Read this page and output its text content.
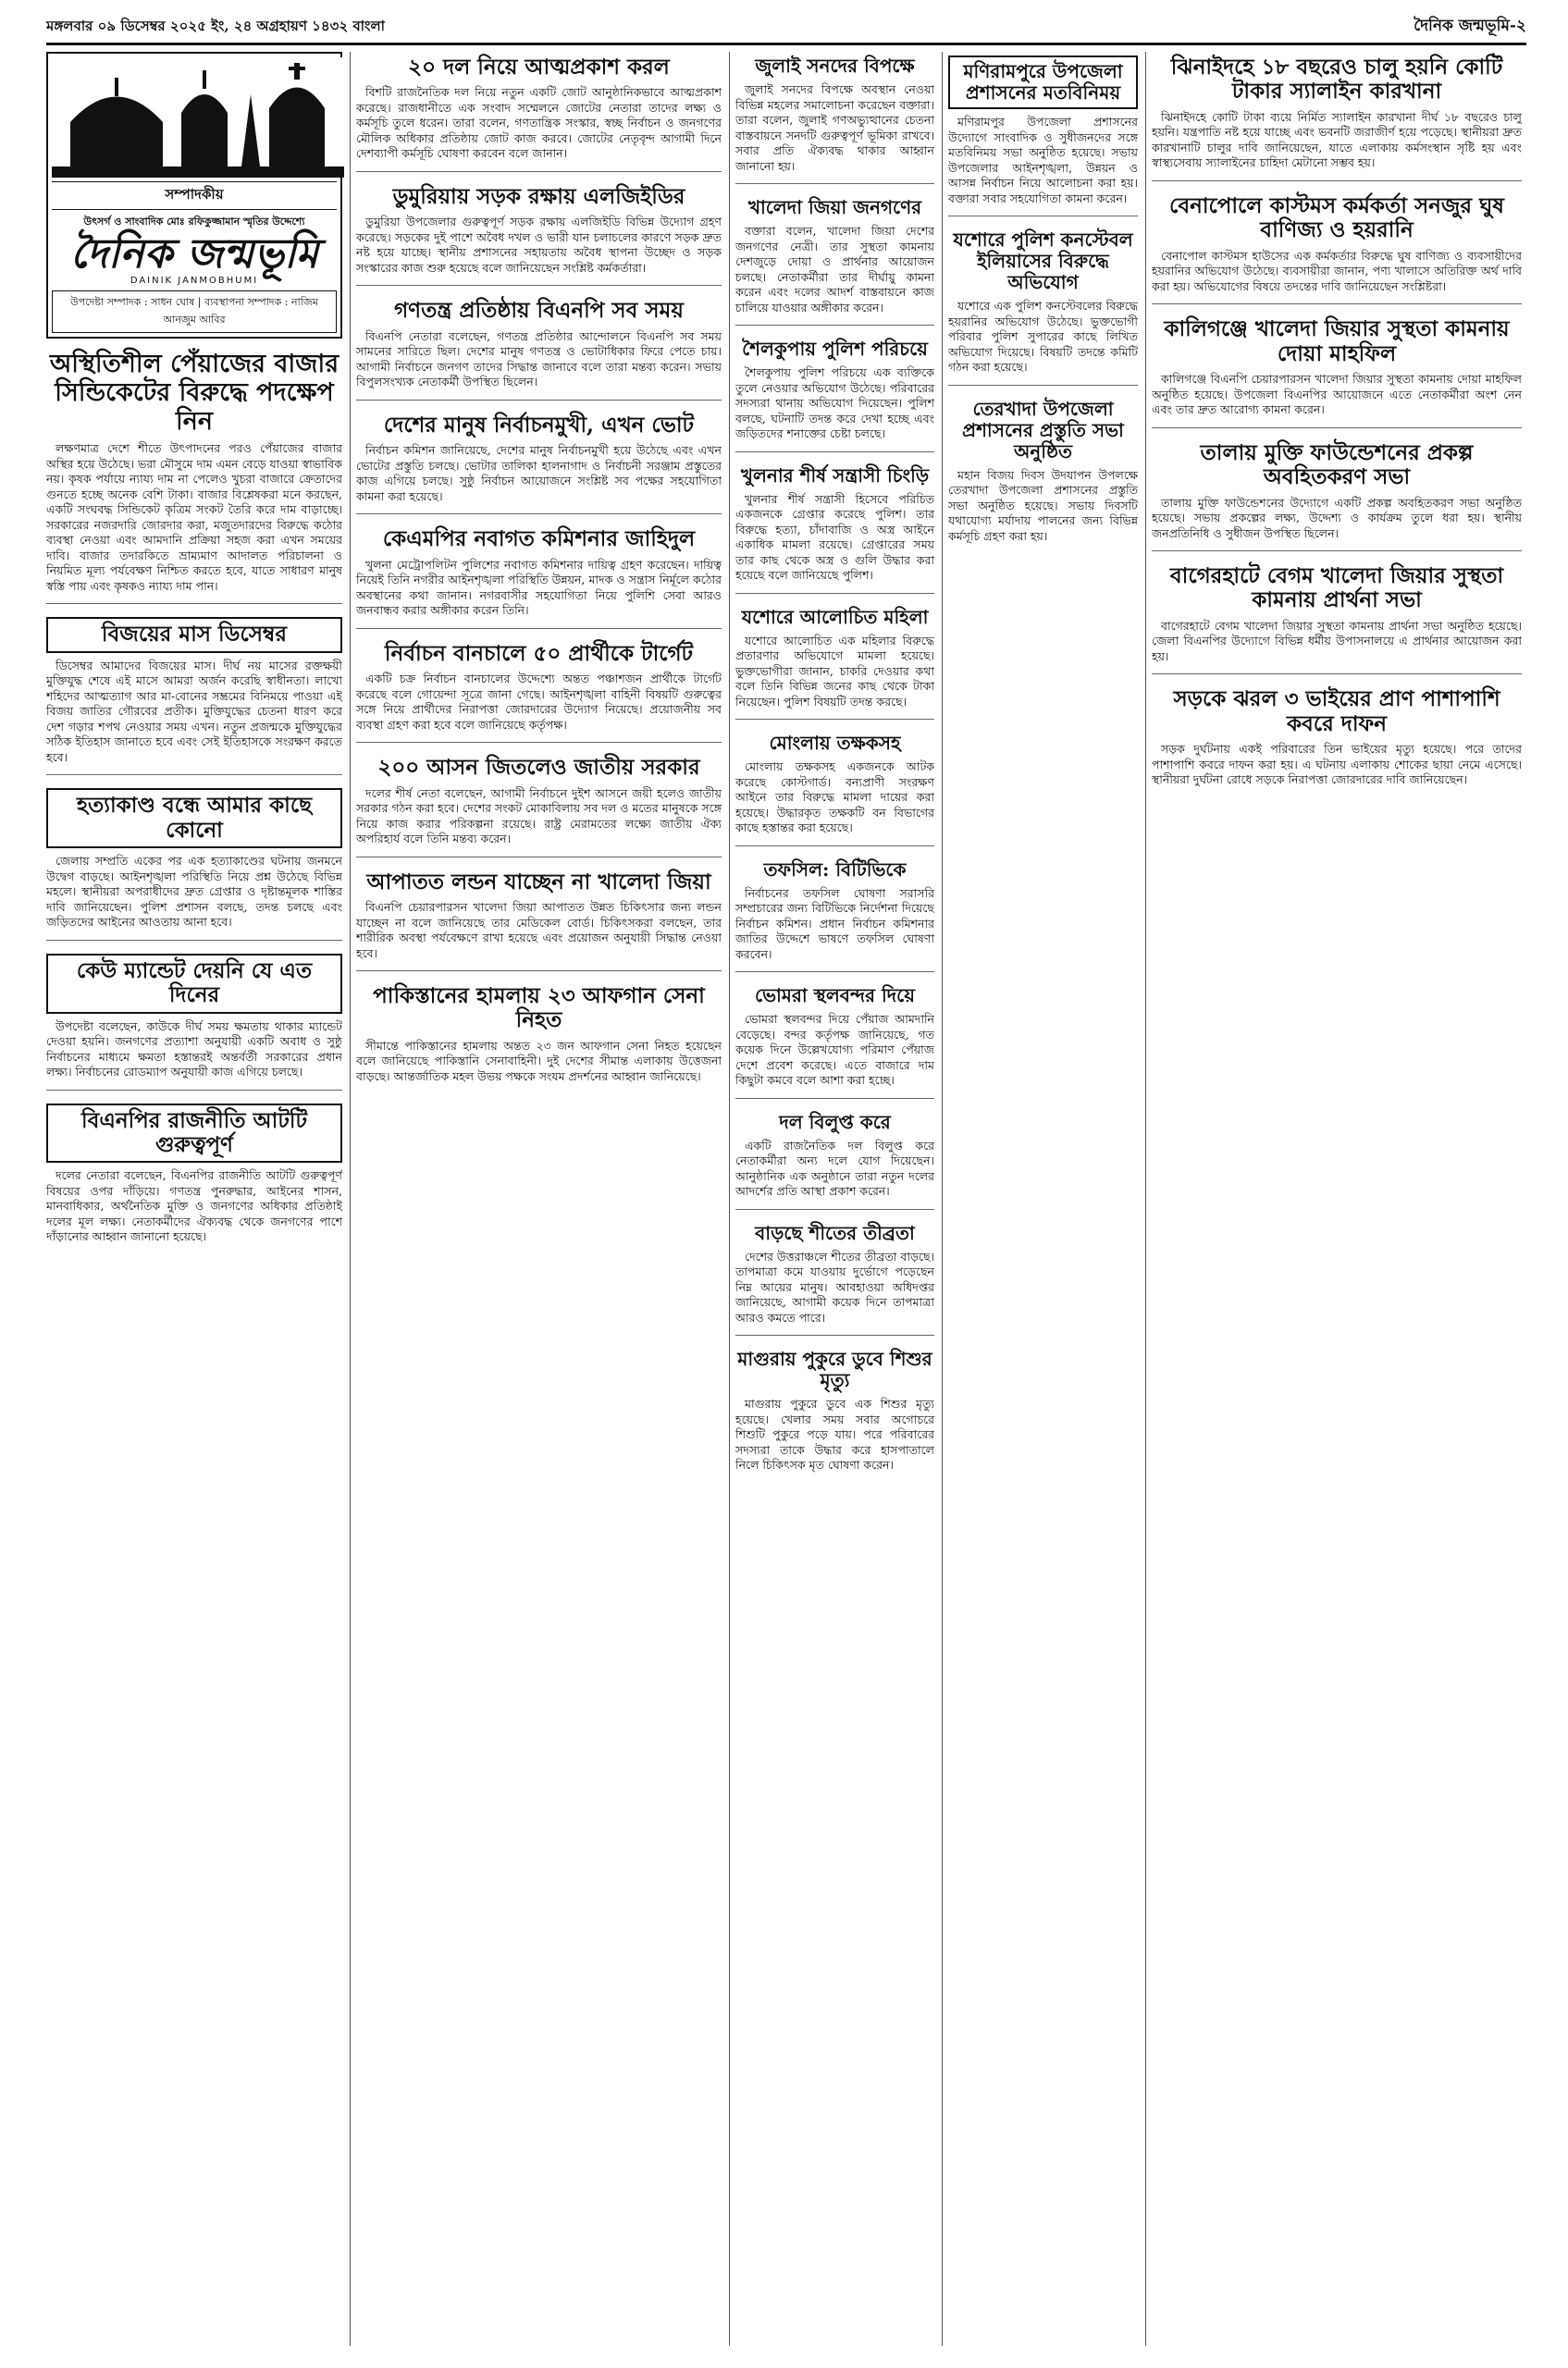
মঙ্গলবার ০৯ ডিসেম্বর ২০২৫ ইং, ২৪ অগ্রহায়ণ ১৪৩২ বাংলা	দৈনিক জন্মভূমি-২
সম্পাদকীয়
উৎসর্গ ও সাংবাদিক মোঃ রফিকুজ্জামান স্মৃতির উদ্দেশ্যে
দৈনিক জন্মভূমি
DAINIK JANMOBHUMI
উপদেষ্টা সম্পাদক : সাধন ঘোষ | ব্যবস্থাপনা সম্পাদক : নাজিম আনজুম আবির
অস্থিতিশীল পেঁয়াজের বাজার সিন্ডিকেটের বিরুদ্ধে পদক্ষেপ নিন

লক্ষণমাত্র দেশে শীতে উৎপাদনের পরও পেঁয়াজের বাজার অস্থির হয়ে উঠেছে। ভরা মৌসুমে দাম এমন বেড়ে যাওয়া স্বাভাবিক নয়। কৃষক পর্যায়ে ন্যায্য দাম না পেলেও খুচরা বাজারে ক্রেতাদের গুনতে হচ্ছে অনেক বেশি টাকা। বাজার বিশ্লেষকরা মনে করছেন, একটি সংঘবদ্ধ সিন্ডিকেট কৃত্রিম সংকট তৈরি করে দাম বাড়াচ্ছে। সরকারের নজরদারি জোরদার করা, মজুতদারদের বিরুদ্ধে কঠোর ব্যবস্থা নেওয়া এবং আমদানি প্রক্রিয়া সহজ করা এখন সময়ের দাবি। বাজার তদারকিতে ভ্রাম্যমাণ আদালত পরিচালনা ও নিয়মিত মূল্য পর্যবেক্ষণ নিশ্চিত করতে হবে, যাতে সাধারণ মানুষ স্বস্তি পায় এবং কৃষকও ন্যায্য দাম পান।

বিজয়ের মাস ডিসেম্বর

ডিসেম্বর আমাদের বিজয়ের মাস। দীর্ঘ নয় মাসের রক্তক্ষয়ী মুক্তিযুদ্ধ শেষে এই মাসে আমরা অর্জন করেছি স্বাধীনতা। লাখো শহিদের আত্মত্যাগ আর মা-বোনের সম্ভ্রমের বিনিময়ে পাওয়া এই বিজয় জাতির গৌরবের প্রতীক। মুক্তিযুদ্ধের চেতনা ধারণ করে দেশ গড়ার শপথ নেওয়ার সময় এখন। নতুন প্রজন্মকে মুক্তিযুদ্ধের সঠিক ইতিহাস জানাতে হবে এবং সেই ইতিহাসকে সংরক্ষণ করতে হবে।

হত্যাকাণ্ড বন্ধে আমার কাছে কোনো

জেলায় সম্প্রতি একের পর এক হত্যাকাণ্ডের ঘটনায় জনমনে উদ্বেগ বাড়ছে। আইনশৃঙ্খলা পরিস্থিতি নিয়ে প্রশ্ন উঠেছে বিভিন্ন মহলে। স্থানীয়রা অপরাধীদের দ্রুত গ্রেপ্তার ও দৃষ্টান্তমূলক শাস্তির দাবি জানিয়েছেন। পুলিশ প্রশাসন বলছে, তদন্ত চলছে এবং জড়িতদের আইনের আওতায় আনা হবে।

কেউ ম্যান্ডেট দেয়নি যে এত দিনের

উপদেষ্টা বলেছেন, কাউকে দীর্ঘ সময় ক্ষমতায় থাকার ম্যান্ডেট দেওয়া হয়নি। জনগণের প্রত্যাশা অনুযায়ী একটি অবাধ ও সুষ্ঠু নির্বাচনের মাধ্যমে ক্ষমতা হস্তান্তরই অন্তর্বর্তী সরকারের প্রধান লক্ষ্য। নির্বাচনের রোডম্যাপ অনুযায়ী কাজ এগিয়ে চলছে।

বিএনপির রাজনীতি আটটি গুরুত্বপূর্ণ

দলের নেতারা বলেছেন, বিএনপির রাজনীতি আটটি গুরুত্বপূর্ণ বিষয়ের ওপর দাঁড়িয়ে। গণতন্ত্র পুনরুদ্ধার, আইনের শাসন, মানবাধিকার, অর্থনৈতিক মুক্তি ও জনগণের অধিকার প্রতিষ্ঠাই দলের মূল লক্ষ্য। নেতাকর্মীদের ঐক্যবদ্ধ থেকে জনগণের পাশে দাঁড়ানোর আহ্বান জানানো হয়েছে।

২০ দল নিয়ে আত্মপ্রকাশ করল

বিশটি রাজনৈতিক দল নিয়ে নতুন একটি জোট আনুষ্ঠানিকভাবে আত্মপ্রকাশ করেছে। রাজধানীতে এক সংবাদ সম্মেলনে জোটের নেতারা তাদের লক্ষ্য ও কর্মসূচি তুলে ধরেন। তারা বলেন, গণতান্ত্রিক সংস্কার, স্বচ্ছ নির্বাচন ও জনগণের মৌলিক অধিকার প্রতিষ্ঠায় জোট কাজ করবে। জোটের নেতৃবৃন্দ আগামী দিনে দেশব্যাপী কর্মসূচি ঘোষণা করবেন বলে জানান।

ডুমুরিয়ায় সড়ক রক্ষায় এলজিইডির

ডুমুরিয়া উপজেলার গুরুত্বপূর্ণ সড়ক রক্ষায় এলজিইডি বিভিন্ন উদ্যোগ গ্রহণ করেছে। সড়কের দুই পাশে অবৈধ দখল ও ভারী যান চলাচলের কারণে সড়ক দ্রুত নষ্ট হয়ে যাচ্ছে। স্থানীয় প্রশাসনের সহায়তায় অবৈধ স্থাপনা উচ্ছেদ ও সড়ক সংস্কারের কাজ শুরু হয়েছে বলে জানিয়েছেন সংশ্লিষ্ট কর্মকর্তারা।

গণতন্ত্র প্রতিষ্ঠায় বিএনপি সব সময়

বিএনপি নেতারা বলেছেন, গণতন্ত্র প্রতিষ্ঠার আন্দোলনে বিএনপি সব সময় সামনের সারিতে ছিল। দেশের মানুষ গণতন্ত্র ও ভোটাধিকার ফিরে পেতে চায়। আগামী নির্বাচনে জনগণ তাদের সিদ্ধান্ত জানাবে বলে তারা মন্তব্য করেন। সভায় বিপুলসংখ্যক নেতাকর্মী উপস্থিত ছিলেন।

দেশের মানুষ নির্বাচনমুখী, এখন ভোট

নির্বাচন কমিশন জানিয়েছে, দেশের মানুষ নির্বাচনমুখী হয়ে উঠেছে এবং এখন ভোটের প্রস্তুতি চলছে। ভোটার তালিকা হালনাগাদ ও নির্বাচনী সরঞ্জাম প্রস্তুতের কাজ এগিয়ে চলছে। সুষ্ঠু নির্বাচন আয়োজনে সংশ্লিষ্ট সব পক্ষের সহযোগিতা কামনা করা হয়েছে।

কেএমপির নবাগত কমিশনার জাহিদুল

খুলনা মেট্রোপলিটন পুলিশের নবাগত কমিশনার দায়িত্ব গ্রহণ করেছেন। দায়িত্ব নিয়েই তিনি নগরীর আইনশৃঙ্খলা পরিস্থিতি উন্নয়ন, মাদক ও সন্ত্রাস নির্মূলে কঠোর অবস্থানের কথা জানান। নগরবাসীর সহযোগিতা নিয়ে পুলিশি সেবা আরও জনবান্ধব করার অঙ্গীকার করেন তিনি।

নির্বাচন বানচালে ৫০ প্রার্থীকে টার্গেট

একটি চক্র নির্বাচন বানচালের উদ্দেশ্যে অন্তত পঞ্চাশজন প্রার্থীকে টার্গেট করেছে বলে গোয়েন্দা সূত্রে জানা গেছে। আইনশৃঙ্খলা বাহিনী বিষয়টি গুরুত্বের সঙ্গে নিয়ে প্রার্থীদের নিরাপত্তা জোরদারের উদ্যোগ নিয়েছে। প্রয়োজনীয় সব ব্যবস্থা গ্রহণ করা হবে বলে জানিয়েছে কর্তৃপক্ষ।

২০০ আসন জিতলেও জাতীয় সরকার

দলের শীর্ষ নেতা বলেছেন, আগামী নির্বাচনে দুইশ আসনে জয়ী হলেও জাতীয় সরকার গঠন করা হবে। দেশের সংকট মোকাবিলায় সব দল ও মতের মানুষকে সঙ্গে নিয়ে কাজ করার পরিকল্পনা রয়েছে। রাষ্ট্র মেরামতের লক্ষ্যে জাতীয় ঐক্য অপরিহার্য বলে তিনি মন্তব্য করেন।

আপাতত লন্ডন যাচ্ছেন না খালেদা জিয়া

বিএনপি চেয়ারপারসন খালেদা জিয়া আপাতত উন্নত চিকিৎসার জন্য লন্ডন যাচ্ছেন না বলে জানিয়েছে তার মেডিকেল বোর্ড। চিকিৎসকরা বলছেন, তার শারীরিক অবস্থা পর্যবেক্ষণে রাখা হয়েছে এবং প্রয়োজন অনুযায়ী সিদ্ধান্ত নেওয়া হবে।

পাকিস্তানের হামলায় ২৩ আফগান সেনা নিহত

সীমান্তে পাকিস্তানের হামলায় অন্তত ২৩ জন আফগান সেনা নিহত হয়েছেন বলে জানিয়েছে পাকিস্তানি সেনাবাহিনী। দুই দেশের সীমান্ত এলাকায় উত্তেজনা বাড়ছে। আন্তর্জাতিক মহল উভয় পক্ষকে সংযম প্রদর্শনের আহ্বান জানিয়েছে।

জুলাই সনদের বিপক্ষে

জুলাই সনদের বিপক্ষে অবস্থান নেওয়া বিভিন্ন মহলের সমালোচনা করেছেন বক্তারা। তারা বলেন, জুলাই গণঅভ্যুত্থানের চেতনা বাস্তবায়নে সনদটি গুরুত্বপূর্ণ ভূমিকা রাখবে। সবার প্রতি ঐক্যবদ্ধ থাকার আহ্বান জানানো হয়।

খালেদা জিয়া জনগণের

বক্তারা বলেন, খালেদা জিয়া দেশের জনগণের নেত্রী। তার সুস্থতা কামনায় দেশজুড়ে দোয়া ও প্রার্থনার আয়োজন চলছে। নেতাকর্মীরা তার দীর্ঘায়ু কামনা করেন এবং দলের আদর্শ বাস্তবায়নে কাজ চালিয়ে যাওয়ার অঙ্গীকার করেন।

শৈলকুপায় পুলিশ পরিচয়ে

শৈলকুপায় পুলিশ পরিচয়ে এক ব্যক্তিকে তুলে নেওয়ার অভিযোগ উঠেছে। পরিবারের সদস্যরা থানায় অভিযোগ দিয়েছেন। পুলিশ বলছে, ঘটনাটি তদন্ত করে দেখা হচ্ছে এবং জড়িতদের শনাক্তের চেষ্টা চলছে।

খুলনার শীর্ষ সন্ত্রাসী চিংড়ি

খুলনার শীর্ষ সন্ত্রাসী হিসেবে পরিচিত একজনকে গ্রেপ্তার করেছে পুলিশ। তার বিরুদ্ধে হত্যা, চাঁদাবাজি ও অস্ত্র আইনে একাধিক মামলা রয়েছে। গ্রেপ্তারের সময় তার কাছ থেকে অস্ত্র ও গুলি উদ্ধার করা হয়েছে বলে জানিয়েছে পুলিশ।

যশোরে আলোচিত মহিলা

যশোরে আলোচিত এক মহিলার বিরুদ্ধে প্রতারণার অভিযোগে মামলা হয়েছে। ভুক্তভোগীরা জানান, চাকরি দেওয়ার কথা বলে তিনি বিভিন্ন জনের কাছ থেকে টাকা নিয়েছেন। পুলিশ বিষয়টি তদন্ত করছে।

মোংলায় তক্ষকসহ

মোংলায় তক্ষকসহ একজনকে আটক করেছে কোস্টগার্ড। বন্যপ্রাণী সংরক্ষণ আইনে তার বিরুদ্ধে মামলা দায়ের করা হয়েছে। উদ্ধারকৃত তক্ষকটি বন বিভাগের কাছে হস্তান্তর করা হয়েছে।

তফসিল: বিটিভিকে

নির্বাচনের তফসিল ঘোষণা সরাসরি সম্প্রচারের জন্য বিটিভিকে নির্দেশনা দিয়েছে নির্বাচন কমিশন। প্রধান নির্বাচন কমিশনার জাতির উদ্দেশে ভাষণে তফসিল ঘোষণা করবেন।

ভোমরা স্থলবন্দর দিয়ে

ভোমরা স্থলবন্দর দিয়ে পেঁয়াজ আমদানি বেড়েছে। বন্দর কর্তৃপক্ষ জানিয়েছে, গত কয়েক দিনে উল্লেখযোগ্য পরিমাণ পেঁয়াজ দেশে প্রবেশ করেছে। এতে বাজারে দাম কিছুটা কমবে বলে আশা করা হচ্ছে।

দল বিলুপ্ত করে

একটি রাজনৈতিক দল বিলুপ্ত করে নেতাকর্মীরা অন্য দলে যোগ দিয়েছেন। আনুষ্ঠানিক এক অনুষ্ঠানে তারা নতুন দলের আদর্শের প্রতি আস্থা প্রকাশ করেন।

বাড়ছে শীতের তীব্রতা

দেশের উত্তরাঞ্চলে শীতের তীব্রতা বাড়ছে। তাপমাত্রা কমে যাওয়ায় দুর্ভোগে পড়েছেন নিম্ন আয়ের মানুষ। আবহাওয়া অধিদপ্তর জানিয়েছে, আগামী কয়েক দিনে তাপমাত্রা আরও কমতে পারে।

মাগুরায় পুকুরে ডুবে শিশুর মৃত্যু

মাগুরায় পুকুরে ডুবে এক শিশুর মৃত্যু হয়েছে। খেলার সময় সবার অগোচরে শিশুটি পুকুরে পড়ে যায়। পরে পরিবারের সদস্যরা তাকে উদ্ধার করে হাসপাতালে নিলে চিকিৎসক মৃত ঘোষণা করেন।

মণিরামপুরে উপজেলা প্রশাসনের মতবিনিময়

মণিরামপুর উপজেলা প্রশাসনের উদ্যোগে সাংবাদিক ও সুধীজনদের সঙ্গে মতবিনিময় সভা অনুষ্ঠিত হয়েছে। সভায় উপজেলার আইনশৃঙ্খলা, উন্নয়ন ও আসন্ন নির্বাচন নিয়ে আলোচনা করা হয়। বক্তারা সবার সহযোগিতা কামনা করেন।

যশোরে পুলিশ কনস্টেবল ইলিয়াসের বিরুদ্ধে অভিযোগ

যশোরে এক পুলিশ কনস্টেবলের বিরুদ্ধে হয়রানির অভিযোগ উঠেছে। ভুক্তভোগী পরিবার পুলিশ সুপারের কাছে লিখিত অভিযোগ দিয়েছে। বিষয়টি তদন্তে কমিটি গঠন করা হয়েছে।

তেরখাদা উপজেলা প্রশাসনের প্রস্তুতি সভা অনুষ্ঠিত

মহান বিজয় দিবস উদযাপন উপলক্ষে তেরখাদা উপজেলা প্রশাসনের প্রস্তুতি সভা অনুষ্ঠিত হয়েছে। সভায় দিবসটি যথাযোগ্য মর্যাদায় পালনের জন্য বিভিন্ন কর্মসূচি গ্রহণ করা হয়।

ঝিনাইদহে ১৮ বছরেও চালু হয়নি কোটি টাকার স্যালাইন কারখানা

ঝিনাইদহে কোটি টাকা ব্যয়ে নির্মিত স্যালাইন কারখানা দীর্ঘ ১৮ বছরেও চালু হয়নি। যন্ত্রপাতি নষ্ট হয়ে যাচ্ছে এবং ভবনটি জরাজীর্ণ হয়ে পড়েছে। স্থানীয়রা দ্রুত কারখানাটি চালুর দাবি জানিয়েছেন, যাতে এলাকায় কর্মসংস্থান সৃষ্টি হয় এবং স্বাস্থ্যসেবায় স্যালাইনের চাহিদা মেটানো সম্ভব হয়।

বেনাপোলে কাস্টমস কর্মকর্তা সনজুর ঘুষ বাণিজ্য ও হয়রানি

বেনাপোল কাস্টমস হাউসের এক কর্মকর্তার বিরুদ্ধে ঘুষ বাণিজ্য ও ব্যবসায়ীদের হয়রানির অভিযোগ উঠেছে। ব্যবসায়ীরা জানান, পণ্য খালাসে অতিরিক্ত অর্থ দাবি করা হয়। অভিযোগের বিষয়ে তদন্তের দাবি জানিয়েছেন সংশ্লিষ্টরা।

কালিগঞ্জে খালেদা জিয়ার সুস্থতা কামনায় দোয়া মাহফিল

কালিগঞ্জে বিএনপি চেয়ারপারসন খালেদা জিয়ার সুস্থতা কামনায় দোয়া মাহফিল অনুষ্ঠিত হয়েছে। উপজেলা বিএনপির আয়োজনে এতে নেতাকর্মীরা অংশ নেন এবং তার দ্রুত আরোগ্য কামনা করেন।

তালায় মুক্তি ফাউন্ডেশনের প্রকল্প অবহিতকরণ সভা

তালায় মুক্তি ফাউন্ডেশনের উদ্যোগে একটি প্রকল্প অবহিতকরণ সভা অনুষ্ঠিত হয়েছে। সভায় প্রকল্পের লক্ষ্য, উদ্দেশ্য ও কার্যক্রম তুলে ধরা হয়। স্থানীয় জনপ্রতিনিধি ও সুধীজন উপস্থিত ছিলেন।

বাগেরহাটে বেগম খালেদা জিয়ার সুস্থতা কামনায় প্রার্থনা সভা

বাগেরহাটে বেগম খালেদা জিয়ার সুস্থতা কামনায় প্রার্থনা সভা অনুষ্ঠিত হয়েছে। জেলা বিএনপির উদ্যোগে বিভিন্ন ধর্মীয় উপাসনালয়ে এ প্রার্থনার আয়োজন করা হয়।

সড়কে ঝরল ৩ ভাইয়ের প্রাণ পাশাপাশি কবরে দাফন

সড়ক দুর্ঘটনায় একই পরিবারের তিন ভাইয়ের মৃত্যু হয়েছে। পরে তাদের পাশাপাশি কবরে দাফন করা হয়। এ ঘটনায় এলাকায় শোকের ছায়া নেমে এসেছে। স্থানীয়রা দুর্ঘটনা রোধে সড়কে নিরাপত্তা জোরদারের দাবি জানিয়েছেন।
